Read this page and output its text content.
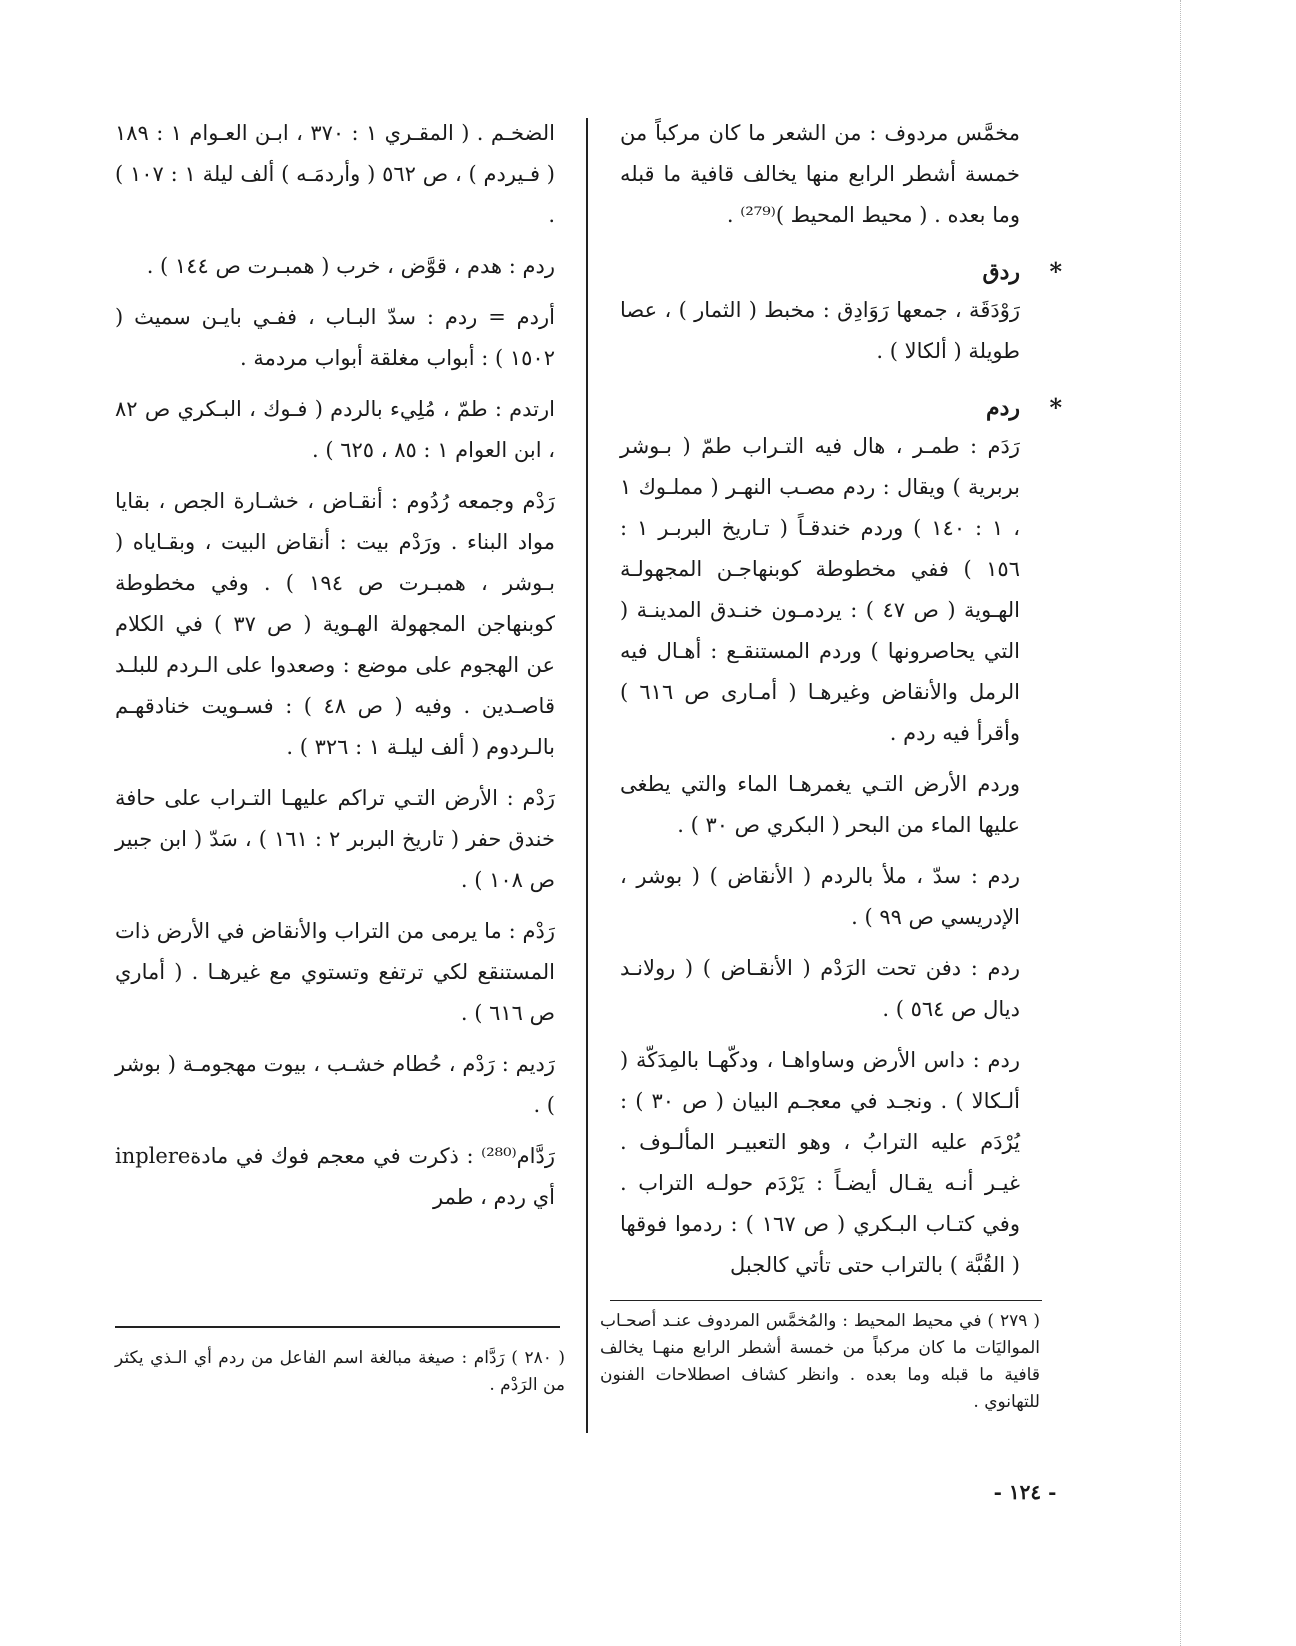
مخمَّس مردوف : من الشعر ما كان مركباً من خمسة أشطر الرابع منها يخالف قافية ما قبله وما بعده . ( محيط المحيط )⁽²⁷⁹⁾ .

*
ردق

رَوْدَقَة ، جمعها رَوَادِق : مخبط ( الثمار ) ، عصا طويلة ( ألكالا ) .

*
ردم

رَدَم : طمـر ، هال فيه التـراب طمّ ( بـوشر بربرية ) ويقال : ردم مصـب النهـر ( مملـوك ١ ، ١ : ١٤٠ ) وردم خندقـاً ( تـاريخ البربـر ١ : ١٥٦ ) ففي مخطوطة كوبنهاجـن المجهولـة الهـوية ( ص ٤٧ ) : يردمـون خنـدق المدينـة ( التي يحاصرونها ) وردم المستنقـع : أهـال فيه الرمل والأنقاض وغيرهـا ( أمـارى ص ٦١٦ ) وأقرأ فيه ردم .

وردم الأرض التـي يغمرهـا الماء والتي يطغى عليها الماء من البحر ( البكري ص ٣٠ ) .

ردم : سدّ ، ملأ بالردم ( الأنقاض ) ( بوشر ، الإدريسي ص ٩٩ ) .

ردم : دفن تحت الرَدْم ( الأنقـاض ) ( رولانـد ديال ص ٥٦٤ ) .

ردم : داس الأرض وساواهـا ، ودكّهـا بالمِدَكّة ( ألـكالا ) . ونجـد في معجـم البيان ( ص ٣٠ ) : يُرْدَم عليه الترابُ ، وهو التعبيـر المألـوف . غيـر أنـه يقـال أيضـاً : يَرْدَم حولـه التراب . وفي كتـاب البـكري ( ص ١٦٧ ) : ردموا فوقها ( القُبَّة ) بالتراب حتى تأتي كالجبل

الضخـم . ( المقـري ١ : ٣٧٠ ، ابـن العـوام ١ : ١٨٩ ( فـيردم ) ، ص ٥٦٢ ( وأردمَـه ) ألف ليلة ١ : ١٠٧ ) .

ردم : هدم ، قوَّض ، خرب ( همبـرت ص ١٤٤ ) .

أردم = ردم : سدّ البـاب ، ففـي بايـن سميث ( ١٥٠٢ ) : أبواب مغلقة أبواب مردمة .

ارتدم : طمّ ، مُلِيء بالردم ( فـوك ، البـكري ص ٨٢ ، ابن العوام ١ : ٨٥ ، ٦٢٥ ) .

رَدْم وجمعه رُدُوم : أنقـاض ، خشـارة الجص ، بقايا مواد البناء . ورَدْم بيت : أنقاض البيت ، وبقـاياه ( بـوشر ، همبـرت ص ١٩٤ ) . وفي مخطوطة كوبنهاجن المجهولة الهـوية ( ص ٣٧ ) في الكلام عن الهجوم على موضع : وصعدوا على الـردم للبلـد قاصـدين . وفيه ( ص ٤٨ ) : فسـويت خنادقهـم بالـردوم ( ألف ليلـة ١ : ٣٢٦ ) .

رَدْم : الأرض التـي تراكم عليهـا التـراب على حافة خندق حفر ( تاريخ البربر ٢ : ١٦١ ) ، سَدّ ( ابن جبير ص ١٠٨ ) .

رَدْم : ما يرمى من التراب والأنقاض في الأرض ذات المستنقع لكي ترتفع وتستوي مع غيرهـا . ( أماري ص ٦١٦ ) .

رَديم : رَدْم ، حُطام خشـب ، بيوت مهجومـة ( بوشر ) .

رَدَّام⁽²⁸⁰⁾ : ذكرت في معجم فوك في مادةinplere أي ردم ، طمر

( ٢٧٩ ) في محيط المحيط : والمُخمَّس المردوف عنـد أصحـاب المواليَات ما كان مركباً من خمسة أشطر الرابع منهـا يخالف قافية ما قبله وما بعده . وانظر كشاف اصطلاحات الفنون للتهانوي .
( ٢٨٠ ) رَدَّام : صيغة مبالغة اسم الفاعل من ردم أي الـذي يكثر من الرَدْم .
- ١٢٤ -
